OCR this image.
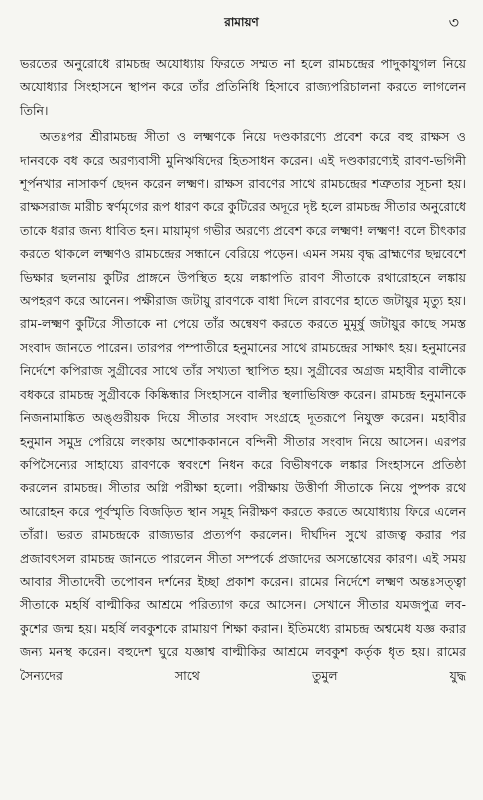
রামায়ণ	৩

ভরতের অনুরোধে রামচন্দ্র অযোধ্যায় ফিরতে সম্মত না হলে রামচন্দ্রের পাদুকাযুগল নিয়ে অযোধ্যার সিংহাসনে স্থাপন করে তাঁর প্রতিনিধি হিসাবে রাজ্যপরিচালনা করতে লাগলেন তিনি।

অতঃপর শ্রীরামচন্দ্র সীতা ও লক্ষ্মণকে নিয়ে দণ্ডকারণ্যে প্রবেশ করে বহু রাক্ষস ও দানবকে বধ করে অরণ্যবাসী মুনিঋষিদের হিতসাধন করেন। এই দণ্ডকারণ্যেই রাবণ-ভগিনী শূর্পনখার নাসাকর্ণ ছেদন করেন লক্ষ্মণ। রাক্ষস রাবণের সাথে রামচন্দ্রের শত্রুতার সূচনা হয়। রাক্ষসরাজ মারীচ স্বর্ণমৃগের রূপ ধারণ করে কুটিরের অদূরে দৃষ্ট হলে রামচন্দ্র সীতার অনুরোধে তাকে ধরার জন্য ধাবিত হন। মায়ামৃগ গভীর অরণ্যে প্রবেশ করে লক্ষ্মণ! লক্ষ্মণ! বলে চীৎকার করতে থাকলে লক্ষ্মণও রামচন্দ্রের সন্ধানে বেরিয়ে পড়েন। এমন সময় বৃদ্ধ ব্রাহ্মণের ছদ্মবেশে ভিক্ষার ছলনায় কুটির প্রাঙ্গনে উপস্থিত হয়ে লঙ্কাপতি রাবণ সীতাকে রথারোহনে লঙ্কায় অপহরণ করে আনেন। পক্ষীরাজ জটায়ু রাবণকে বাধা দিলে রাবণের হাতে জটায়ুর মৃত্যু হয়। রাম-লক্ষ্মণ কুটিরে সীতাকে না পেয়ে তাঁর অন্বেষণ করতে করতে মুমূর্ষু জটায়ুর কাছে সমস্ত সংবাদ জানতে পারেন। তারপর পম্পাতীরে হনুমানের সাথে রামচন্দ্রের সাক্ষাৎ হয়। হনুমানের নির্দেশে কপিরাজ সুগ্রীবের সাথে তাঁর সখ্যতা স্থাপিত হয়। সুগ্রীবের অগ্রজ মহাবীর বালীকে বধকরে রামচন্দ্র সুগ্রীবকে কিষ্কিন্ধার সিংহাসনে বালীর স্থলাভিষিক্ত করেন। রামচন্দ্র হনুমানকে নিজনামাঙ্কিত অঙ্গুরীয়ক দিয়ে সীতার সংবাদ সংগ্রহে দূতরূপে নিযুক্ত করেন। মহাবীর হনুমান সমুদ্র পেরিয়ে লংকায় অশোককাননে বন্দিনী সীতার সংবাদ নিয়ে আসেন। এরপর কপিসৈন্যের সাহায্যে রাবণকে স্ববংশে নিধন করে বিভীষণকে লঙ্কার সিংহাসনে প্রতিষ্ঠা করলেন রামচন্দ্র। সীতার অগ্নি পরীক্ষা হলো। পরীক্ষায় উত্তীর্ণা সীতাকে নিয়ে পুষ্পক রথে আরোহন করে পূর্বস্মৃতি বিজড়িত স্থান সমূহ নিরীক্ষণ করতে করতে অযোধ্যায় ফিরে এলেন তাঁরা। ভরত রামচন্দ্রকে রাজ্যভার প্রত্যর্পণ করলেন। দীর্ঘদিন সুখে রাজত্ব করার পর প্রজাবৎসল রামচন্দ্র জানতে পারলেন সীতা সম্পর্কে প্রজাদের অসন্তোষের কারণ। এই সময় আবার সীতাদেবী তপোবন দর্শনের ইচ্ছা প্রকাশ করেন। রামের নির্দেশে লক্ষ্মণ অন্তঃসত্ত্বা সীতাকে মহর্ষি বাল্মীকির আশ্রমে পরিত্যাগ করে আসেন। সেখানে সীতার যমজপুত্র লব-কুশের জন্ম হয়। মহর্ষি লবকুশকে রামায়ণ শিক্ষা করান। ইতিমধ্যে রামচন্দ্র অশ্বমেধ যজ্ঞ করার জন্য মনস্থ করেন। বহুদেশ ঘুরে যজ্ঞাশ্ব বাল্মীকির আশ্রমে লবকুশ কর্তৃক ধৃত হয়। রামের সৈন্যদের সাথে তুমুল যুদ্ধ
